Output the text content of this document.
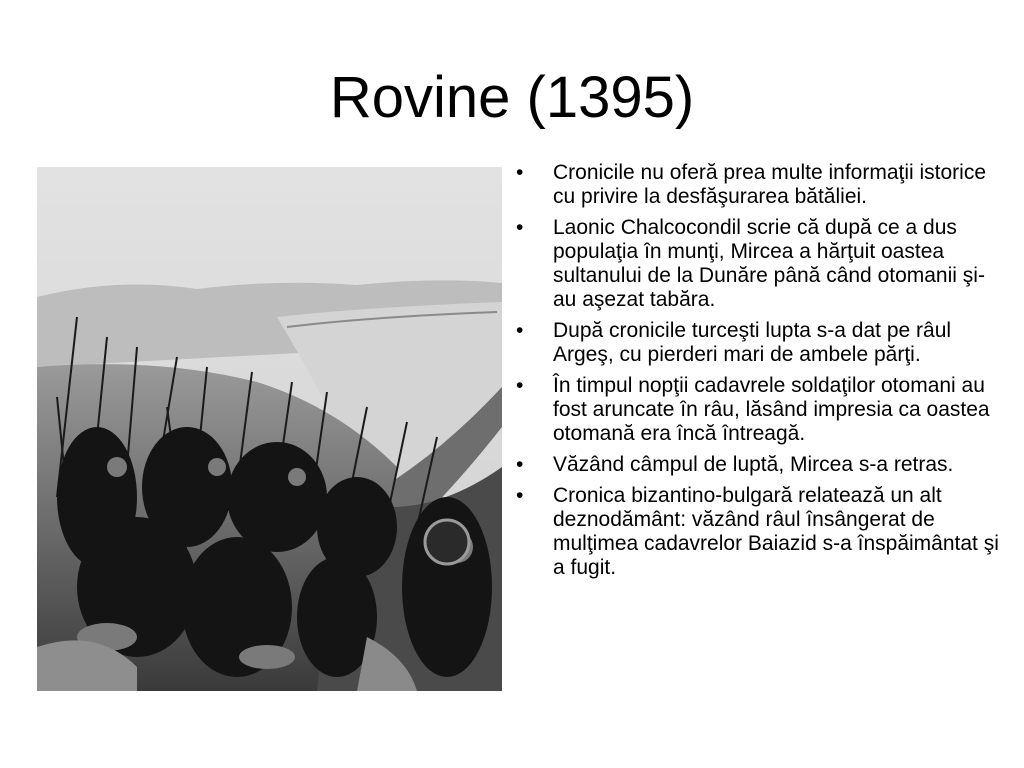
Rovine (1395)
• Cronicile nu oferă prea multe informaţii istorice cu privire la desfăşurarea bătăliei.
• Laonic Chalcocondil scrie că după ce a dus populaţia în munţi, Mircea a hărţuit oastea sultanului de la Dunăre până când otomanii şi-au aşezat tabăra.
• După cronicile turceşti lupta s-a dat pe râul Argeş, cu pierderi mari de ambele părţi.
• În timpul nopţii cadavrele soldaţilor otomani au fost aruncate în râu, lăsând impresia ca oastea otomană era încă întreagă.
• Văzând câmpul de luptă, Mircea s-a retras.
• Cronica bizantino-bulgară relatează un alt deznodământ: văzând râul însângerat de mulţimea cadavrelor Baiazid s-a înspăimântat şi a fugit.
